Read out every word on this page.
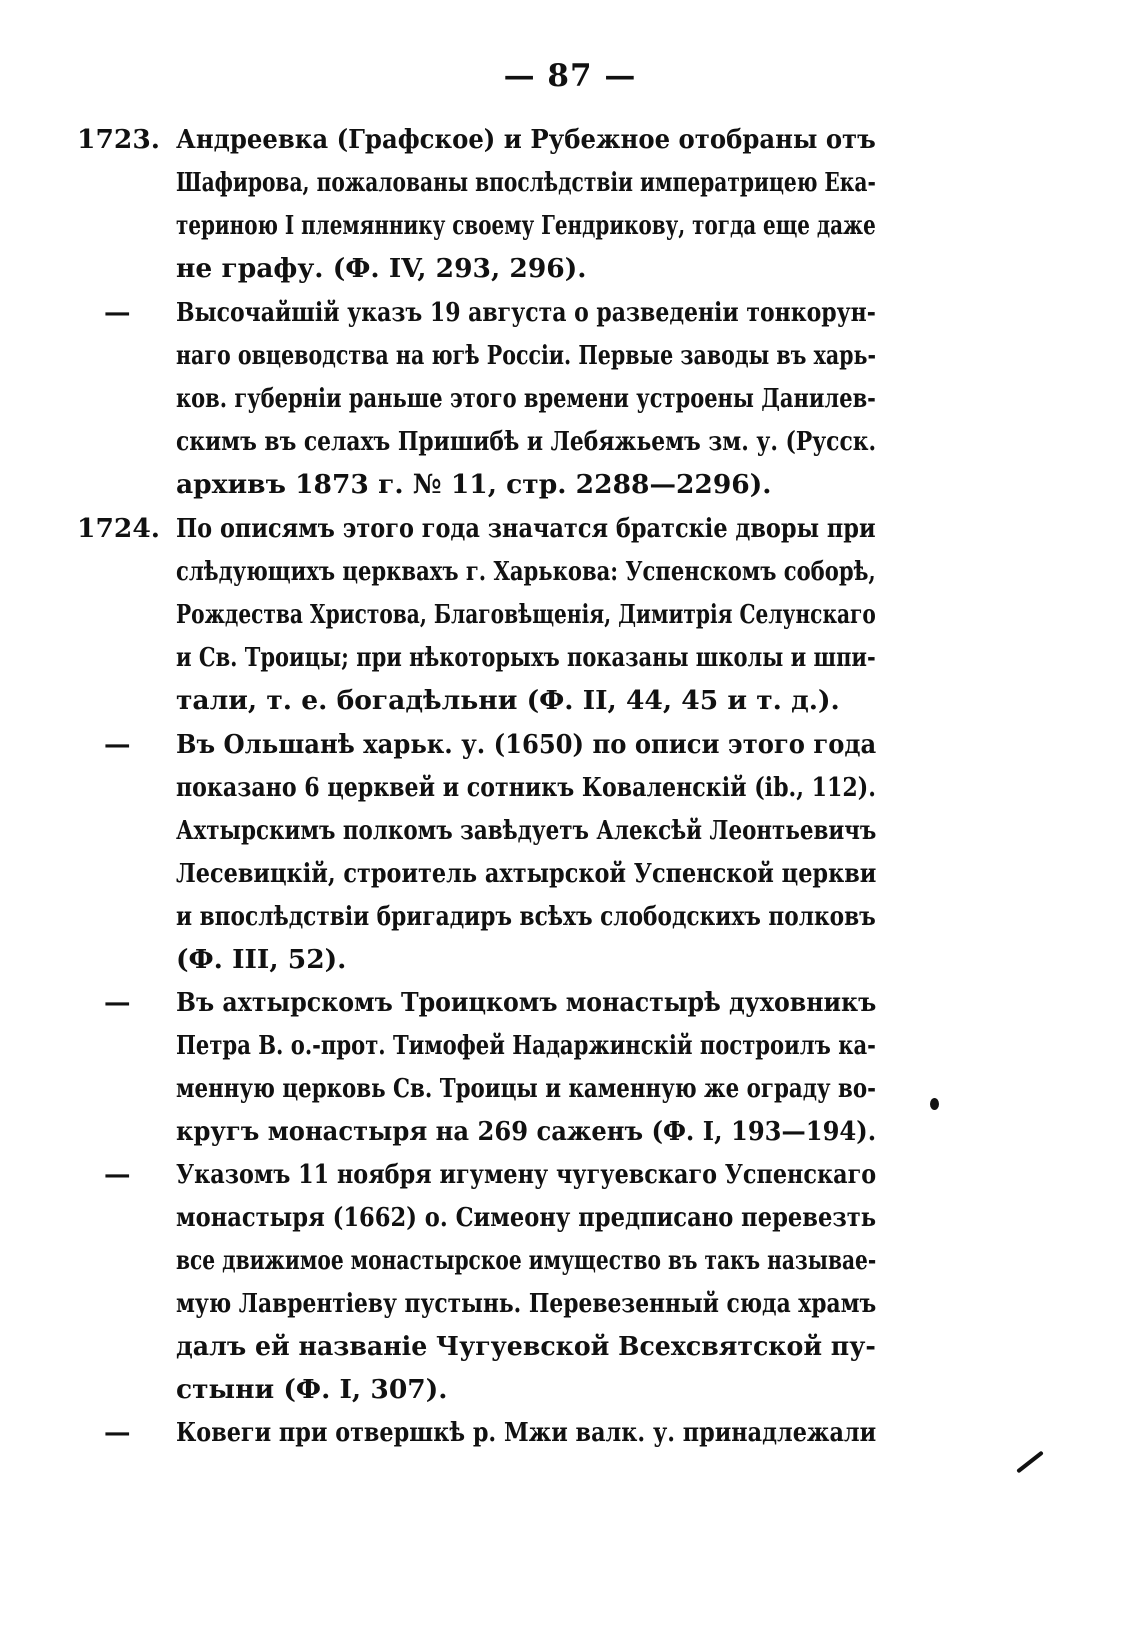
— 87 —
1723. Андреевка (Графское) и Рубежное отобраны отъ
Шафирова, пожалованы впослѣдствіи императрицею Ека-
териною I племяннику своему Гендрикову, тогда еще даже
не графу. (Ф. IV, 293, 296).
— Высочайшій указъ 19 августа о разведеніи тонкорун-
наго овцеводства на югѣ Россіи. Первые заводы въ харь-
ков. губерніи раньше этого времени устроены Данилев-
скимъ въ селахъ Пришибѣ и Лебяжьемъ зм. у. (Русск.
архивъ 1873 г. № 11, стр. 2288—2296).
1724. По описямъ этого года значатся братскіе дворы при
слѣдующихъ церквахъ г. Харькова: Успенскомъ соборѣ,
Рождества Христова, Благовѣщенія, Димитрія Селунскаго
и Св. Троицы; при нѣкоторыхъ показаны школы и шпи-
тали, т. е. богадѣльни (Ф. II, 44, 45 и т. д.).
— Въ Ольшанѣ харьк. у. (1650) по описи этого года
показано 6 церквей и сотникъ Коваленскій (ib., 112).
Ахтырскимъ полкомъ завѣдуетъ Алексѣй Леонтьевичъ
Лесевицкій, строитель ахтырской Успенской церкви
и впослѣдствіи бригадиръ всѣхъ слободскихъ полковъ
(Ф. III, 52).
— Въ ахтырскомъ Троицкомъ монастырѣ духовникъ
Петра В. о.-прот. Тимофей Надаржинскій построилъ ка-
менную церковь Св. Троицы и каменную же ограду во-
кругъ монастыря на 269 саженъ (Ф. I, 193—194).
— Указомъ 11 ноября игумену чугуевскаго Успенскаго
монастыря (1662) о. Симеону предписано перевезть
все движимое монастырское имущество въ такъ называе-
мую Лаврентіеву пустынь. Перевезенный сюда храмъ
далъ ей названіе Чугуевской Всехсвятской пу-
стыни (Ф. I, 307).
— Ковеги при отвершкѣ р. Мжи валк. у. принадлежали
